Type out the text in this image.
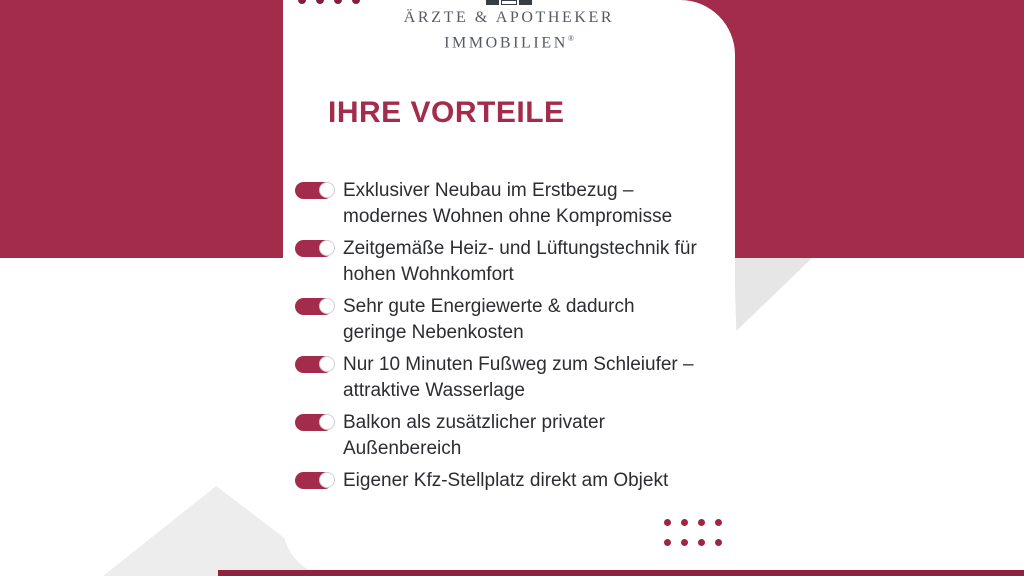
ÄRZTE & APOTHEKER
IMMOBILIEN®
IHRE VORTEILE
Exklusiver Neubau im Erstbezug –
modernes Wohnen ohne Kompromisse
Zeitgemäße Heiz- und Lüftungstechnik für
hohen Wohnkomfort
Sehr gute Energiewerte & dadurch
geringe Nebenkosten
Nur 10 Minuten Fußweg zum Schleiufer –
attraktive Wasserlage
Balkon als zusätzlicher privater
Außenbereich
Eigener Kfz-Stellplatz direkt am Objekt
